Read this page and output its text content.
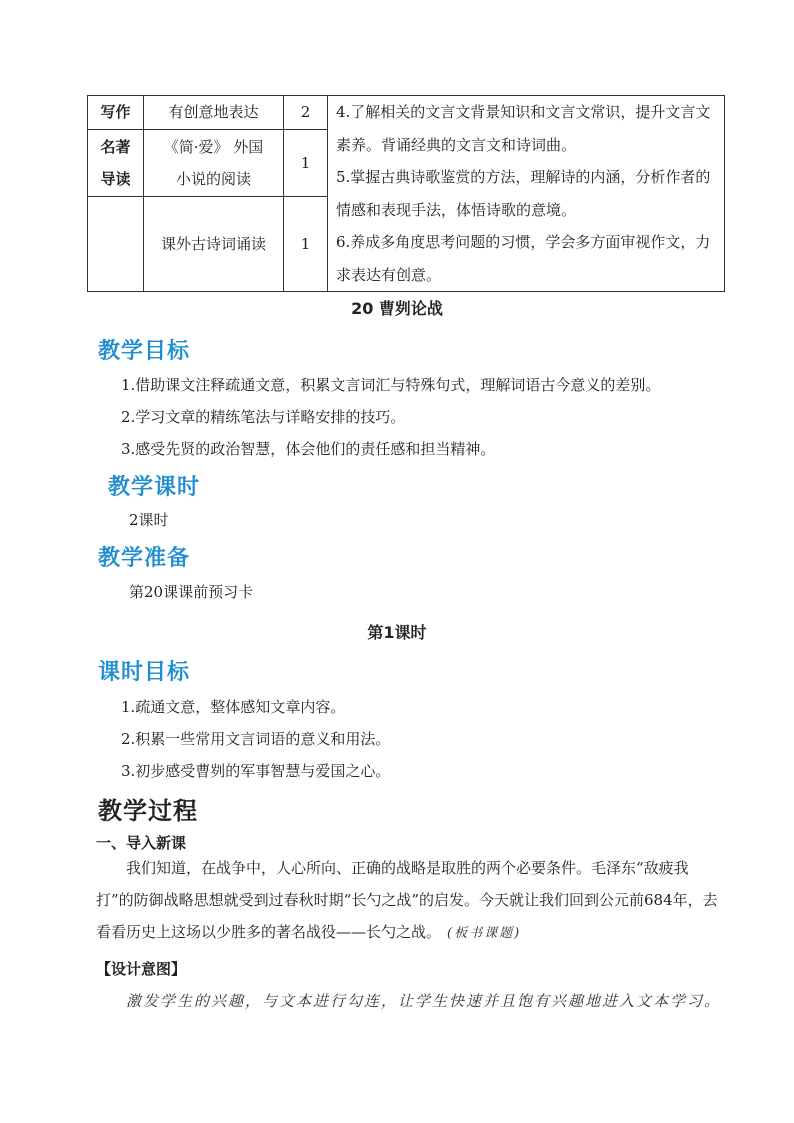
写作	有创意地表达	2	4.了解相关的文言文背景知识和文言文常识，提升文言文素养。背诵经典的文言文和诗词曲。
5.掌握古典诗歌鉴赏的方法，理解诗的内涵，分析作者的情感和表现手法，体悟诗歌的意境。
6.养成多角度思考问题的习惯，学会多方面审视作文，力求表达有创意。

名著导读	《简·爱》 外国小说的阅读	1	
	课外古诗词诵读	1	
20 曹刿论战
教学目标
1.借助课文注释疏通文意，积累文言词汇与特殊句式，理解词语古今意义的差别。
2.学习文章的精练笔法与详略安排的技巧。
3.感受先贤的政治智慧，体会他们的责任感和担当精神。
教学课时
2课时
教学准备
第20课课前预习卡
第1课时
课时目标
1.疏通文意，整体感知文章内容。
2.积累一些常用文言词语的意义和用法。
3.初步感受曹刿的军事智慧与爱国之心。
教学过程
一、导入新课
我们知道，在战争中，人心所向、正确的战略是取胜的两个必要条件。毛泽东“敌疲我打”的防御战略思想就受到过春秋时期“长勺之战”的启发。今天就让我们回到公元前684年，去看看历史上这场以少胜多的著名战役——长勺之战。 (板书课题)
【设计意图】
激发学生的兴趣，与文本进行勾连，让学生快速并且饱有兴趣地进入文本学习。
